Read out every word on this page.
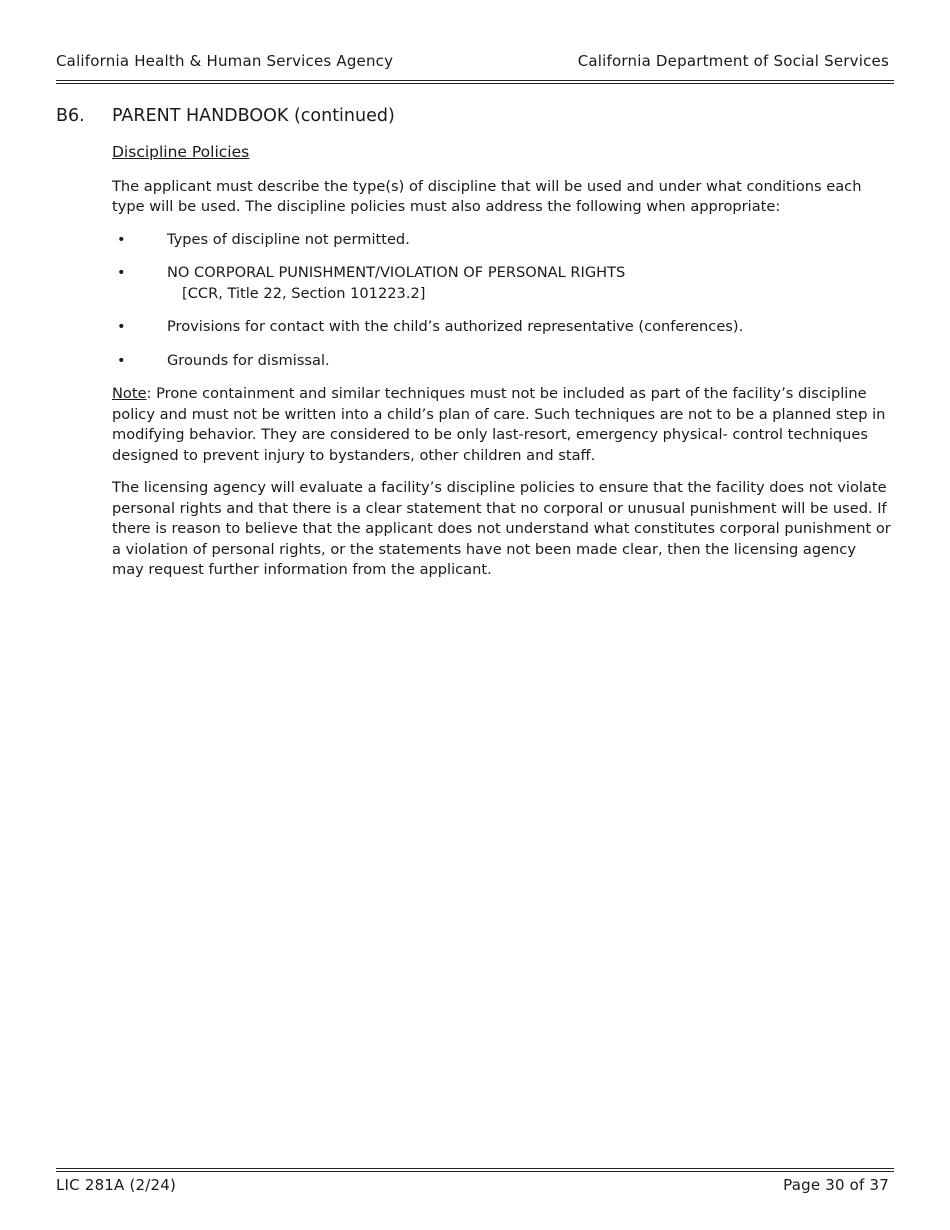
California Health & Human Services Agency	California Department of Social Services
B6.	PARENT HANDBOOK (continued)
Discipline Policies

The applicant must describe the type(s) of discipline that will be used and under what conditions each type will be used. The discipline policies must also address the following when appropriate:

•	Types of discipline not permitted.
•	NO CORPORAL PUNISHMENT/VIOLATION OF PERSONAL RIGHTS
[CCR, Title 22, Section 101223.2]
•	Provisions for contact with the child’s authorized representative (conferences).
•	Grounds for dismissal.

Note: Prone containment and similar techniques must not be included as part of the facility’s discipline policy and must not be written into a child’s plan of care. Such techniques are not to be a planned step in modifying behavior. They are considered to be only last-resort, emergency physical- control techniques designed to prevent injury to bystanders, other children and staff.

The licensing agency will evaluate a facility’s discipline policies to ensure that the facility does not violate personal rights and that there is a clear statement that no corporal or unusual punishment will be used. If there is reason to believe that the applicant does not understand what constitutes corporal punishment or a violation of personal rights, or the statements have not been made clear, then the licensing agency may request further information from the applicant.

LIC 281A (2/24)	Page 30 of 37
